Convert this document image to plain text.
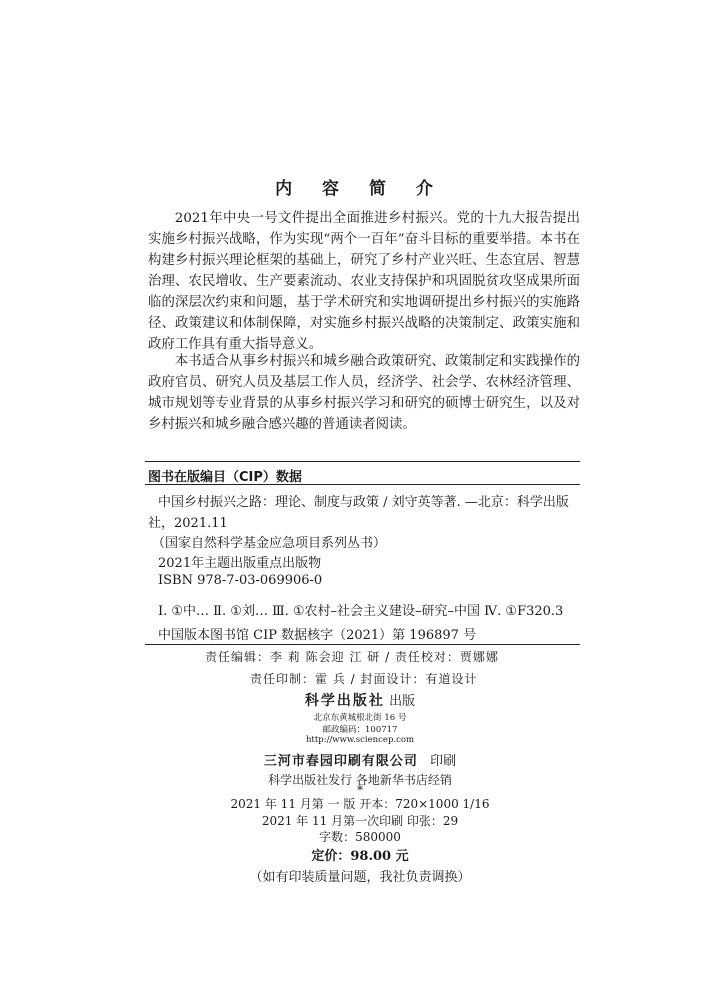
内 容 简 介
2021年中央一号文件提出全面推进乡村振兴。党的十九大报告提出实施乡村振兴战略，作为实现“两个一百年”奋斗目标的重要举措。本书在构建乡村振兴理论框架的基础上，研究了乡村产业兴旺、生态宜居、智慧治理、农民增收、生产要素流动、农业支持保护和巩固脱贫攻坚成果所面临的深层次约束和问题，基于学术研究和实地调研提出乡村振兴的实施路径、政策建议和体制保障，对实施乡村振兴战略的决策制定、政策实施和政府工作具有重大指导意义。
本书适合从事乡村振兴和城乡融合政策研究、政策制定和实践操作的政府官员、研究人员及基层工作人员，经济学、社会学、农林经济管理、城市规划等专业背景的从事乡村振兴学习和研究的硕博士研究生，以及对乡村振兴和城乡融合感兴趣的普通读者阅读。
图书在版编目（CIP）数据
中国乡村振兴之路：理论、制度与政策 / 刘守英等著. —北京：科学出版
社，2021.11
（国家自然科学基金应急项目系列丛书）
2021年主题出版重点出版物
ISBN 978-7-03-069906-0
Ⅰ. ①中… Ⅱ. ①刘… Ⅲ. ①农村–社会主义建设–研究–中国 Ⅳ. ①F320.3
中国版本图书馆 CIP 数据核字（2021）第 196897 号
责任编辑：李 莉 陈会迎 江 研 / 责任校对：贾娜娜
责任印制：霍 兵 / 封面设计：有道设计
科学出版社 出版
北京东黄城根北街 16 号
邮政编码：100717
http://www.sciencep.com
三河市春园印刷有限公司 印刷
科学出版社发行 各地新华书店经销
*
2021 年 11 月第 一 版 开本：720×1000 1/16
2021 年 11 月第一次印刷 印张：29
字数：580000
定价：98.00 元
（如有印装质量问题，我社负责调换）
